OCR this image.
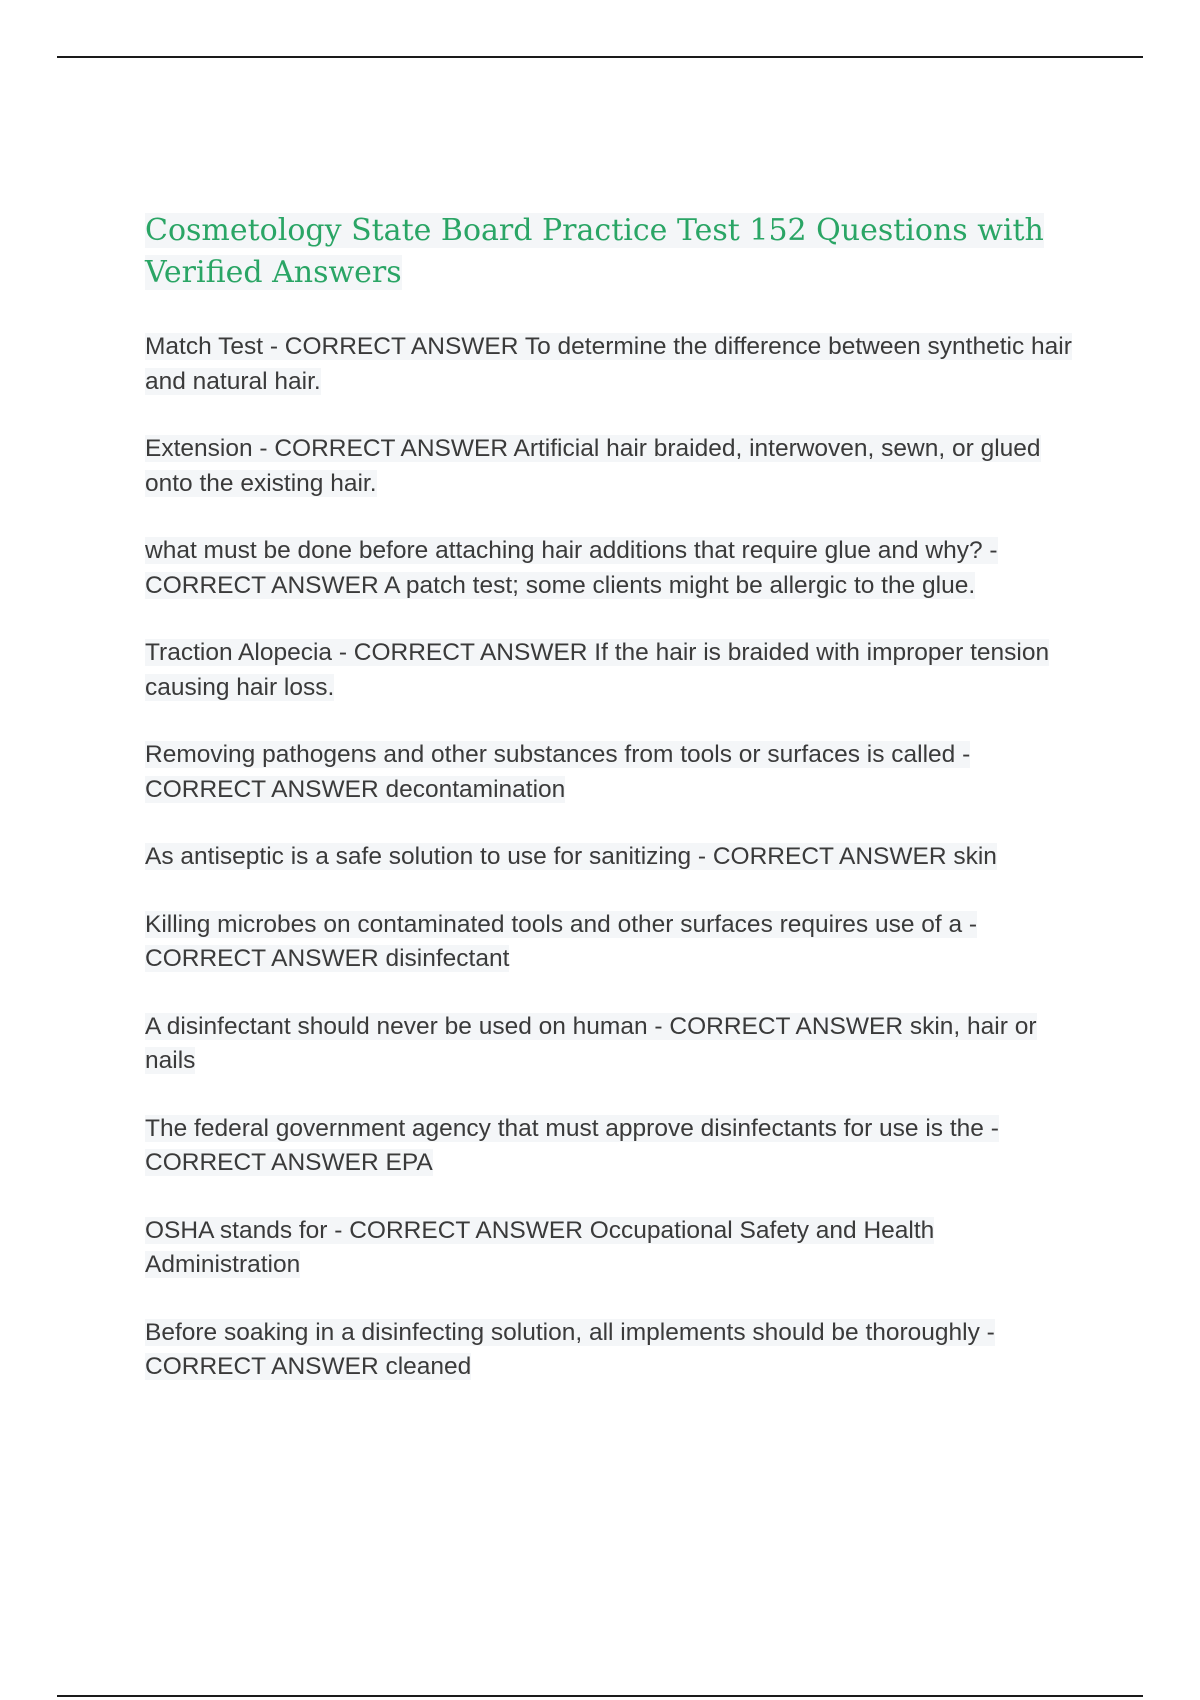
Cosmetology State Board Practice Test 152 Questions with Verified Answers
Match Test - CORRECT ANSWER To determine the difference between synthetic hair and natural hair.
Extension - CORRECT ANSWER Artificial hair braided, interwoven, sewn, or glued onto the existing hair.
what must be done before attaching hair additions that require glue and why? - CORRECT ANSWER A patch test; some clients might be allergic to the glue.
Traction Alopecia - CORRECT ANSWER If the hair is braided with improper tension causing hair loss.
Removing pathogens and other substances from tools or surfaces is called - CORRECT ANSWER decontamination
As antiseptic is a safe solution to use for sanitizing - CORRECT ANSWER skin
Killing microbes on contaminated tools and other surfaces requires use of a - CORRECT ANSWER disinfectant
A disinfectant should never be used on human - CORRECT ANSWER skin, hair or nails
The federal government agency that must approve disinfectants for use is the - CORRECT ANSWER EPA
OSHA stands for - CORRECT ANSWER Occupational Safety and Health Administration
Before soaking in a disinfecting solution, all implements should be thoroughly - CORRECT ANSWER cleaned
